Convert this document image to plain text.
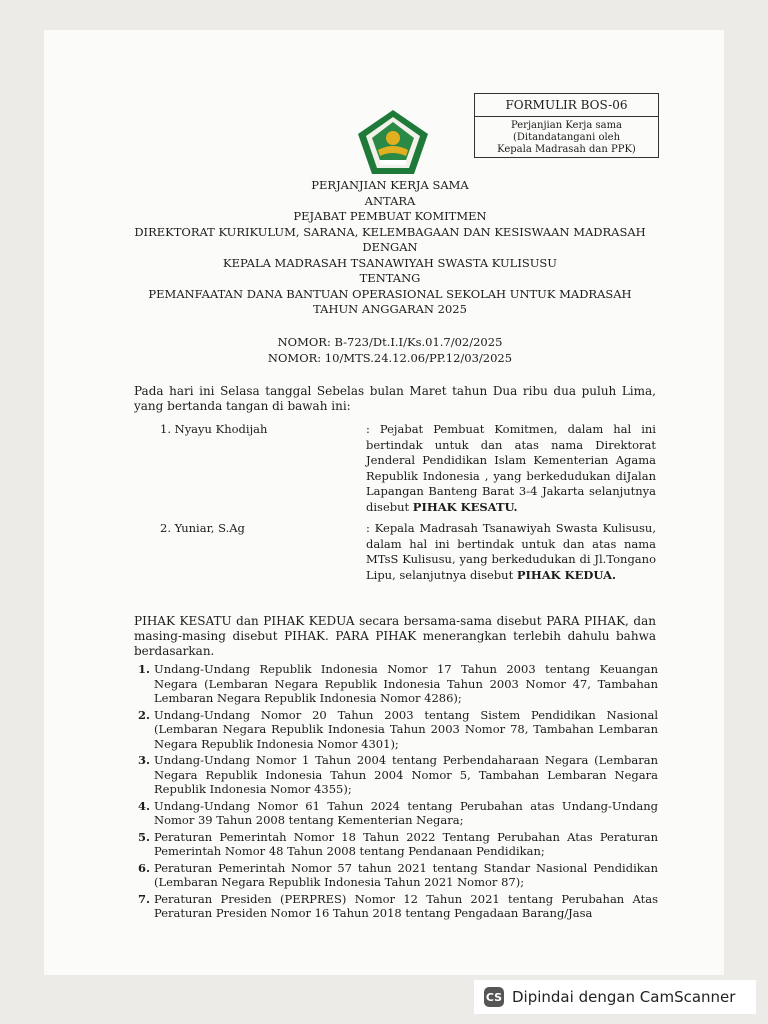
FORMULIR BOS-06
Perjanjian Kerja sama
(Ditandatangani oleh
Kepala Madrasah dan PPK)
PERJANJIAN KERJA SAMA
ANTARA
PEJABAT PEMBUAT KOMITMEN
DIREKTORAT KURIKULUM, SARANA, KELEMBAGAAN DAN KESISWAAN MADRASAH
DENGAN
KEPALA MADRASAH TSANAWIYAH SWASTA KULISUSU
TENTANG
PEMANFAATAN DANA BANTUAN OPERASIONAL SEKOLAH UNTUK MADRASAH
TAHUN ANGGARAN 2025
NOMOR: B-723/Dt.I.I/Ks.01.7/02/2025
NOMOR: 10/MTS.24.12.06/PP.12/03/2025
Pada hari ini Selasa tanggal Sebelas bulan Maret tahun Dua ribu dua puluh Lima, yang bertanda tangan di bawah ini:
1. Nyayu Khodijah	: Pejabat Pembuat Komitmen, dalam hal ini bertindak untuk dan atas nama Direktorat Jenderal Pendidikan Islam Kementerian Agama Republik Indonesia , yang berkedudukan diJalan Lapangan Banteng Barat 3-4 Jakarta selanjutnya disebut PIHAK KESATU.
2. Yuniar, S.Ag	: Kepala Madrasah Tsanawiyah Swasta Kulisusu, dalam hal ini bertindak untuk dan atas nama MTsS Kulisusu, yang berkedudukan di Jl.Tongano Lipu, selanjutnya disebut PIHAK KEDUA.
PIHAK KESATU dan PIHAK KEDUA secara bersama-sama disebut PARA PIHAK, dan masing-masing disebut PIHAK. PARA PIHAK menerangkan terlebih dahulu bahwa berdasarkan.
1. Undang-Undang Republik Indonesia Nomor 17 Tahun 2003 tentang Keuangan Negara (Lembaran Negara Republik Indonesia Tahun 2003 Nomor 47, Tambahan Lembaran Negara Republik Indonesia Nomor 4286);
2. Undang-Undang Nomor 20 Tahun 2003 tentang Sistem Pendidikan Nasional (Lembaran Negara Republik Indonesia Tahun 2003 Nomor 78, Tambahan Lembaran Negara Republik Indonesia Nomor 4301);
3. Undang-Undang Nomor 1 Tahun 2004 tentang Perbendaharaan Negara (Lembaran Negara Republik Indonesia Tahun 2004 Nomor 5, Tambahan Lembaran Negara Republik Indonesia Nomor 4355);
4. Undang-Undang Nomor 61 Tahun 2024 tentang Perubahan atas Undang-Undang Nomor 39 Tahun 2008 tentang Kementerian Negara;
5. Peraturan Pemerintah Nomor 18 Tahun 2022 Tentang Perubahan Atas Peraturan Pemerintah Nomor 48 Tahun 2008 tentang Pendanaan Pendidikan;
6. Peraturan Pemerintah Nomor 57 tahun 2021 tentang Standar Nasional Pendidikan (Lembaran Negara Republik Indonesia Tahun 2021 Nomor 87);
7. Peraturan Presiden (PERPRES) Nomor 12 Tahun 2021 tentang Perubahan Atas Peraturan Presiden Nomor 16 Tahun 2018 tentang Pengadaan Barang/Jasa
CS Dipindai dengan CamScanner
